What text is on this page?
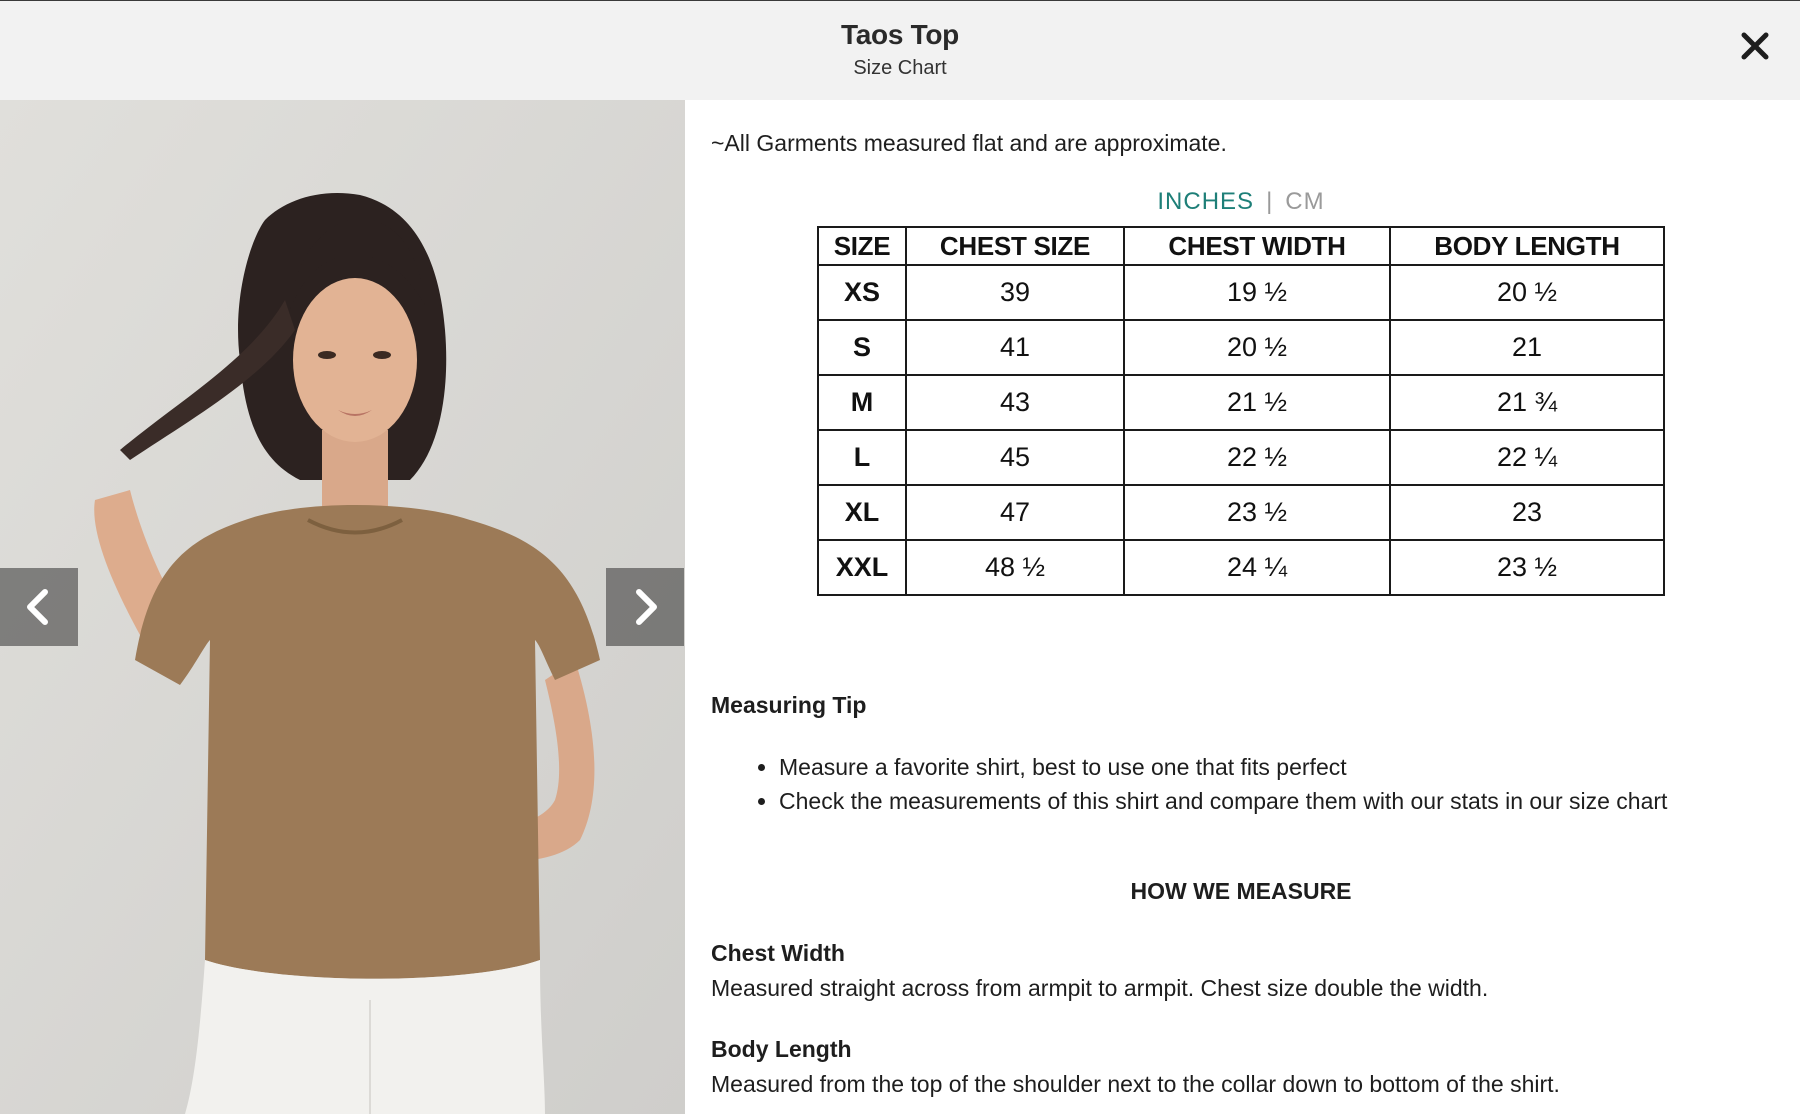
Taos Top
Size Chart
~All Garments measured flat and are approximate.
INCHES | CM
SIZE	CHEST SIZE	CHEST WIDTH	BODY LENGTH
XS	39	19 ½	20 ½
S	41	20 ½	21
M	43	21 ½	21 ¾
L	45	22 ½	22 ¼
XL	47	23 ½	23
XXL	48 ½	24 ¼	23 ½
Measuring Tip
• Measure a favorite shirt, best to use one that fits perfect
• Check the measurements of this shirt and compare them with our stats in our size chart
HOW WE MEASURE
Chest Width
Measured straight across from armpit to armpit. Chest size double the width.
Body Length
Measured from the top of the shoulder next to the collar down to bottom of the shirt.
